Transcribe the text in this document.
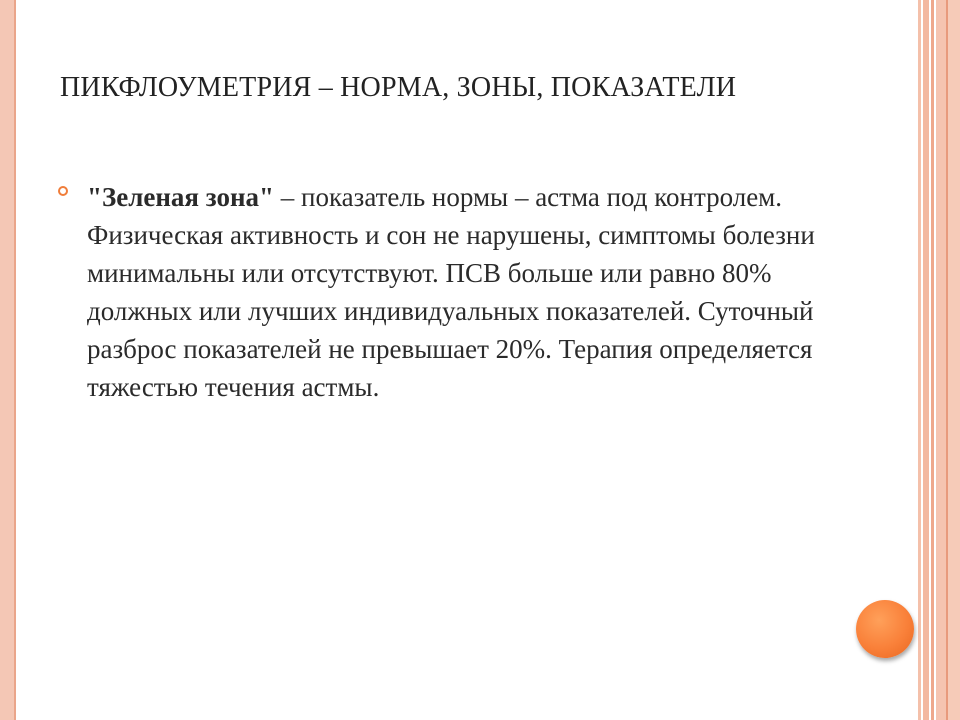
ПИКФЛОУМЕТРИЯ – НОРМА, ЗОНЫ, ПОКАЗАТЕЛИ
"Зеленая зона" – показатель нормы – астма под контролем. Физическая активность и сон не нарушены, симптомы болезни минимальны или отсутствуют. ПСВ больше или равно 80% должных или лучших индивидуальных показателей. Суточный разброс показателей не превышает 20%. Терапия определяется тяжестью течения астмы.
